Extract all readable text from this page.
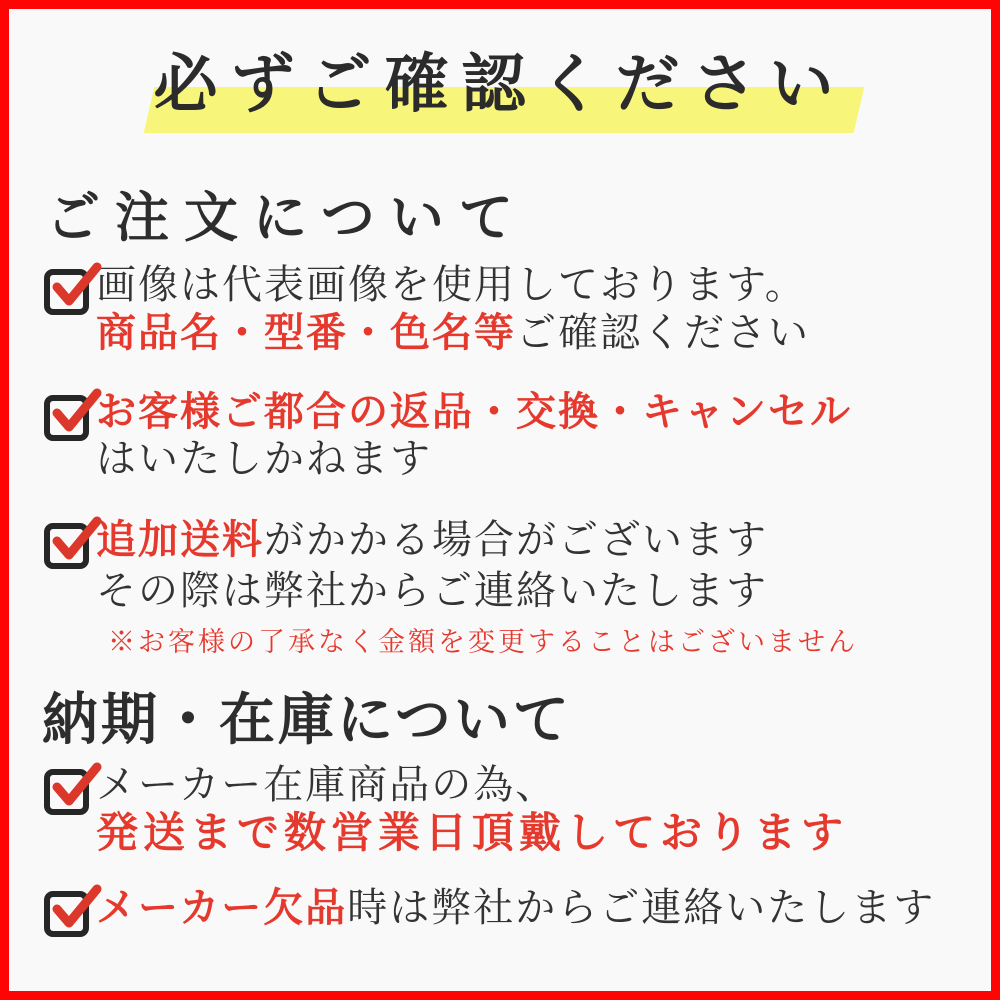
必ずご確認ください
ご注文について

画像は代表画像を使用しております。

商品名・型番・色名等ご確認ください

お客様ご都合の返品・交換・キャンセル

はいたしかねます

追加送料がかかる場合がございます

その際は弊社からご連絡いたします

※お客様の了承なく金額を変更することはございません

納期・在庫について

メーカー在庫商品の為、

発送まで数営業日頂戴しております

メーカー欠品時は弊社からご連絡いたします
